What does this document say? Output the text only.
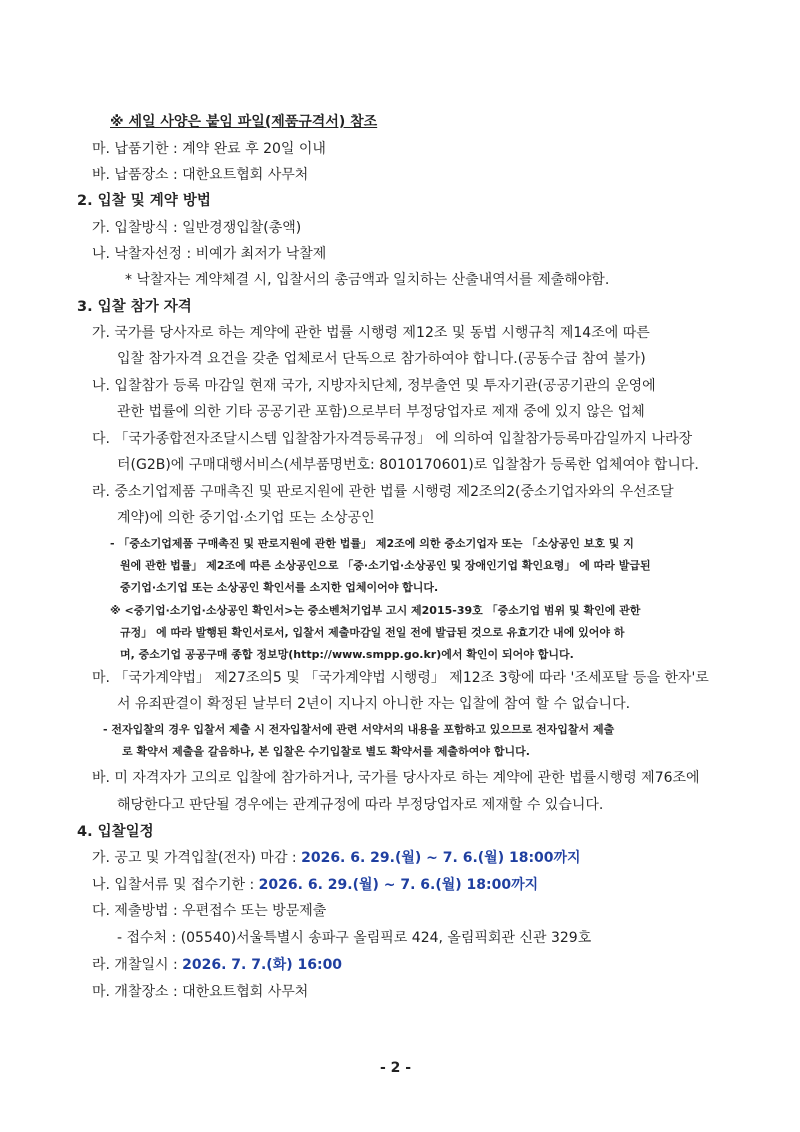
※ 세일 사양은 붙임 파일(제품규격서) 참조
마. 납품기한 : 계약 완료 후 20일 이내
바. 납품장소 : 대한요트협회 사무처
2. 입찰 및 계약 방법
가. 입찰방식 : 일반경쟁입찰(총액)
나. 낙찰자선정 : 비예가 최저가 낙찰제
* 낙찰자는 계약체결 시, 입찰서의 총금액과 일치하는 산출내역서를 제출해야함.
3. 입찰 참가 자격
가. 국가를 당사자로 하는 계약에 관한 법률 시행령 제12조 및 동법 시행규칙 제14조에 따른
입찰 참가자격 요건을 갖춘 업체로서 단독으로 참가하여야 합니다.(공동수급 참여 불가)
나. 입찰참가 등록 마감일 현재 국가, 지방자치단체, 정부출연 및 투자기관(공공기관의 운영에
관한 법률에 의한 기타 공공기관 포함)으로부터 부정당업자로 제재 중에 있지 않은 업체
다. 「국가종합전자조달시스템 입찰참가자격등록규정」 에 의하여 입찰참가등록마감일까지 나라장
터(G2B)에 구매대행서비스(세부품명번호: 8010170601)로 입찰참가 등록한 업체여야 합니다.
라. 중소기업제품 구매촉진 및 판로지원에 관한 법률 시행령 제2조의2(중소기업자와의 우선조달
계약)에 의한 중기업·소기업 또는 소상공인
- 「중소기업제품 구매촉진 및 판로지원에 관한 법률」 제2조에 의한 중소기업자 또는 「소상공인 보호 및 지
원에 관한 법률」 제2조에 따른 소상공인으로 「중·소기업·소상공인 및 장애인기업 확인요령」 에 따라 발급된
중기업·소기업 또는 소상공인 확인서를 소지한 업체이어야 합니다.
※ <중기업·소기업·소상공인 확인서>는 중소벤처기업부 고시 제2015-39호 「중소기업 범위 및 확인에 관한
규정」 에 따라 발행된 확인서로서, 입찰서 제출마감일 전일 전에 발급된 것으로 유효기간 내에 있어야 하
며, 중소기업 공공구매 종합 정보망(http://www.smpp.go.kr)에서 확인이 되어야 합니다.
마. 「국가계약법」 제27조의5 및 「국가계약법 시행령」 제12조 3항에 따라 '조세포탈 등을 한자'로
서 유죄판결이 확정된 날부터 2년이 지나지 아니한 자는 입찰에 참여 할 수 없습니다.
- 전자입찰의 경우 입찰서 제출 시 전자입찰서에 관련 서약서의 내용을 포함하고 있으므로 전자입찰서 제출
로 확약서 제출을 갈음하나, 본 입찰은 수기입찰로 별도 확약서를 제출하여야 합니다.
바. 미 자격자가 고의로 입찰에 참가하거나, 국가를 당사자로 하는 계약에 관한 법률시행령 제76조에
해당한다고 판단될 경우에는 관계규정에 따라 부정당업자로 제재할 수 있습니다.
4. 입찰일정
가. 공고 및 가격입찰(전자) 마감 : 2026. 6. 29.(월) ~ 7. 6.(월) 18:00까지
나. 입찰서류 및 접수기한 : 2026. 6. 29.(월) ~ 7. 6.(월) 18:00까지
다. 제출방법 : 우편접수 또는 방문제출
- 접수처 : (05540)서울특별시 송파구 올림픽로 424, 올림픽회관 신관 329호
라. 개찰일시 : 2026. 7. 7.(화) 16:00
마. 개찰장소 : 대한요트협회 사무처
- 2 -
